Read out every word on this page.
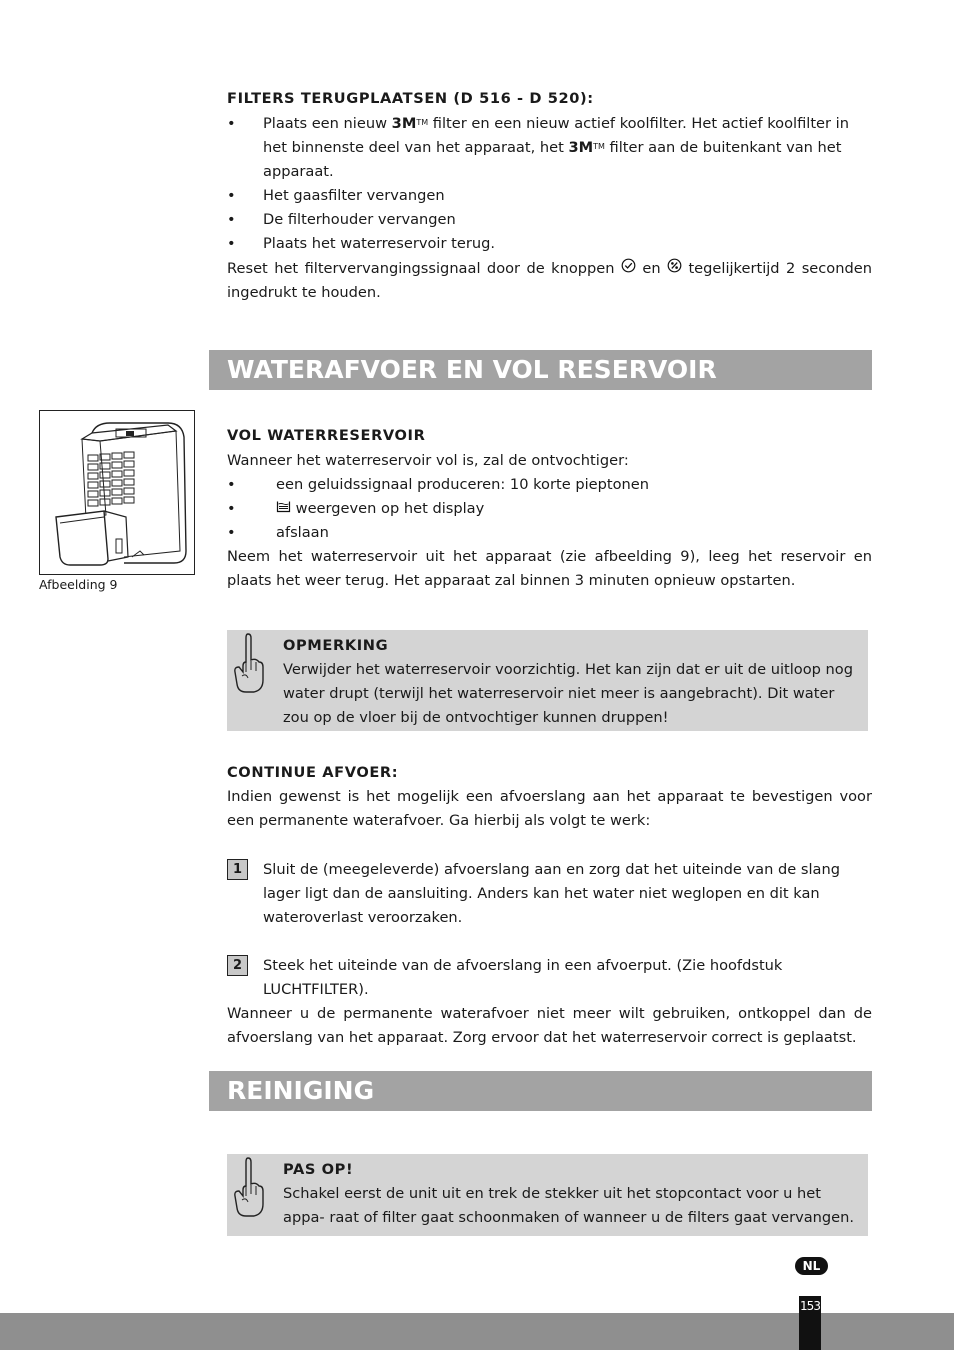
FILTERS TERUGPLAATSEN (D 516 - D 520):
• Plaats een nieuw 3M™ filter en een nieuw actief koolfilter. Het actief koolfilter in het binnenste deel van het apparaat, het 3M™ filter aan de buitenkant van het apparaat.
• Het gaasfilter vervangen
• De filterhouder vervangen
• Plaats het waterreservoir terug.
Reset het filtervervangingssignaal door de knoppen  en  tegelijkertijd 2 seconden ingedrukt te houden.
WATERAFVOER EN VOL RESERVOIR
Afbeelding 9
VOL WATERRESERVOIR
Wanneer het waterreservoir vol is, zal de ontvochtiger:
•	een geluidssignaal produceren: 10 korte pieptonen
•	weergeven op het display
•	afslaan
Neem het waterreservoir uit het apparaat (zie afbeelding 9), leeg het reservoir en plaats het weer terug. Het apparaat zal binnen 3 minuten opnieuw opstarten.
OPMERKING
Verwijder het waterreservoir voorzichtig. Het kan zijn dat er uit de uitloop nog water drupt (terwijl het waterreservoir niet meer is aangebracht). Dit water zou op de vloer bij de ontvochtiger kunnen druppen!
CONTINUE AFVOER:
Indien gewenst is het mogelijk een afvoerslang aan het apparaat te bevestigen voor een permanente waterafvoer. Ga hierbij als volgt te werk:
1	Sluit de (meegeleverde) afvoerslang aan en zorg dat het uiteinde van de slang lager ligt dan de aansluiting. Anders kan het water niet weglopen en dit kan wateroverlast veroorzaken.
2	Steek het uiteinde van de afvoerslang in een afvoerput. (Zie hoofdstuk LUCHTFILTER).
Wanneer u de permanente waterafvoer niet meer wilt gebruiken, ontkoppel dan de afvoerslang van het apparaat. Zorg ervoor dat het waterreservoir correct is geplaatst.
REINIGING
PAS OP!
Schakel eerst de unit uit en trek de stekker uit het stopcontact voor u het appa- raat of filter gaat schoonmaken of wanneer u de filters gaat vervangen.
NL
153
